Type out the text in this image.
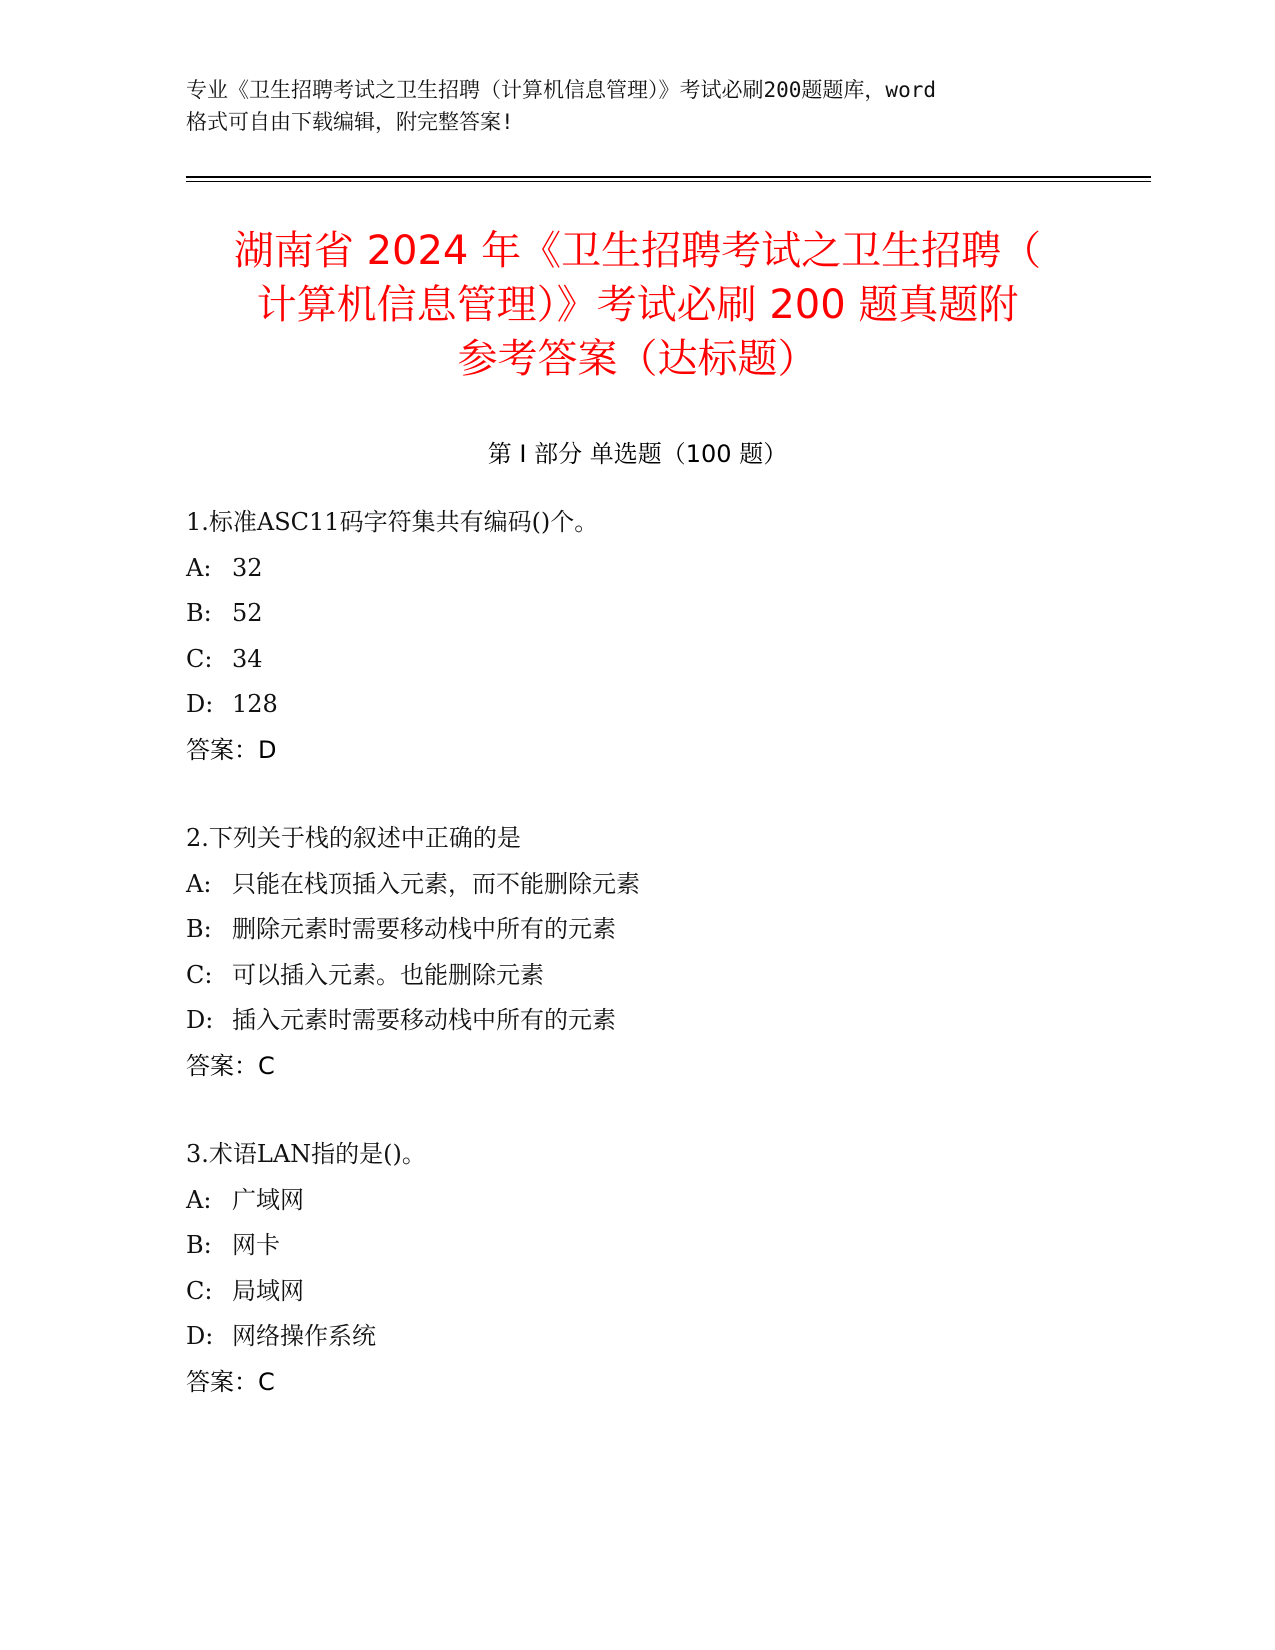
专业《卫生招聘考试之卫生招聘（计算机信息管理）》考试必刷200题题库，word
格式可自由下载编辑，附完整答案!
湖南省 2024 年《卫生招聘考试之卫生招聘（
计算机信息管理）》考试必刷 200 题真题附
参考答案（达标题）
第 I 部分 单选题（100 题）
1.标准ASC11码字符集共有编码()个。
A: 32
B: 52
C: 34
D: 128
答案：D
2.下列关于栈的叙述中正确的是
A: 只能在栈顶插入元素，而不能删除元素
B: 删除元素时需要移动栈中所有的元素
C: 可以插入元素。也能删除元素
D: 插入元素时需要移动栈中所有的元素
答案：C
3.术语LAN指的是()。
A: 广域网
B: 网卡
C: 局域网
D: 网络操作系统
答案：C
